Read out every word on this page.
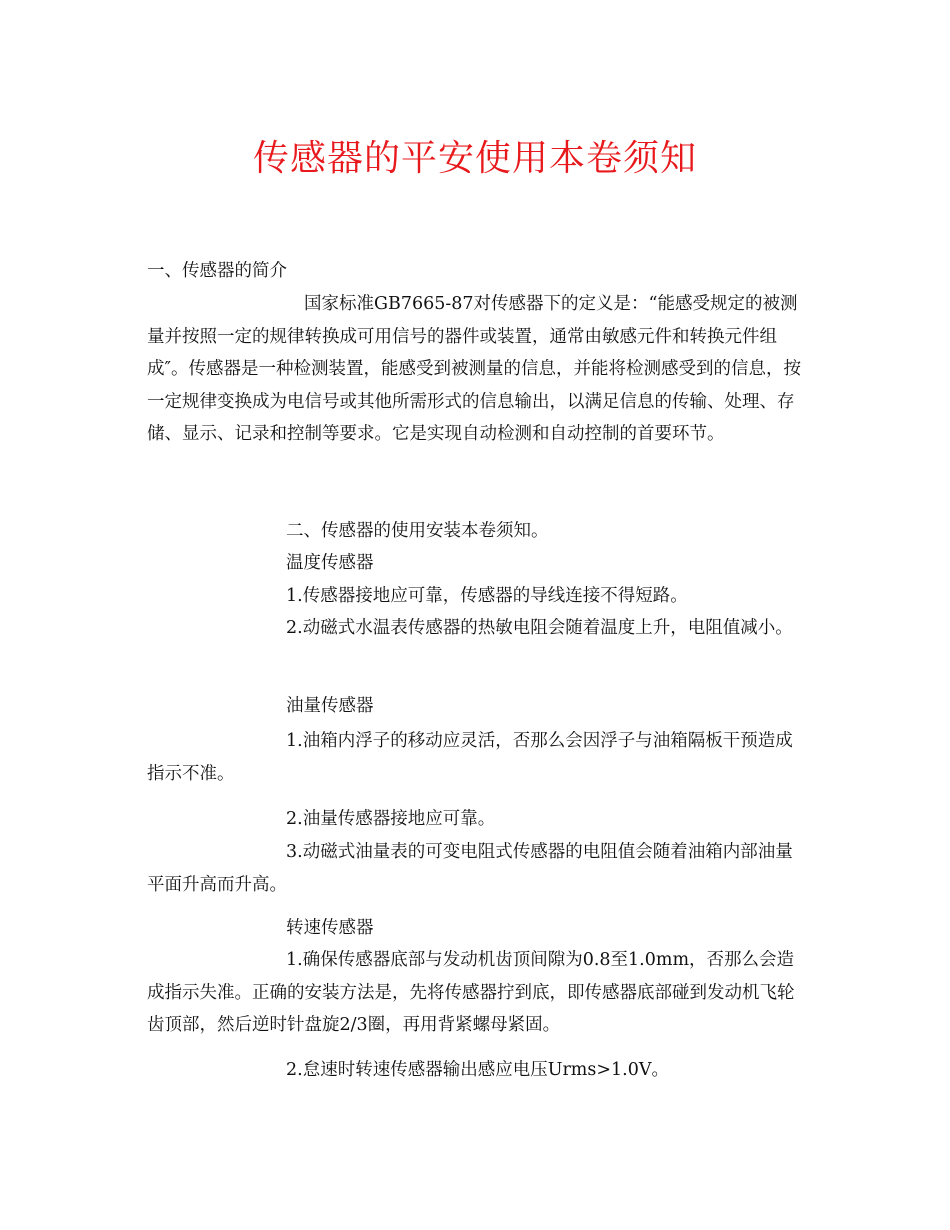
传感器的平安使用本卷须知
一、传感器的简介

国家标准GB7665-87对传感器下的定义是：“能感受规定的被测量并按照一定的规律转换成可用信号的器件或装置，通常由敏感元件和转换元件组成″。传感器是一种检测装置，能感受到被测量的信息，并能将检测感受到的信息，按一定规律变换成为电信号或其他所需形式的信息输出，以满足信息的传输、处理、存储、显示、记录和控制等要求。它是实现自动检测和自动控制的首要环节。

二、传感器的使用安装本卷须知。
温度传感器
1.传感器接地应可靠，传感器的导线连接不得短路。

2.动磁式水温表传感器的热敏电阻会随着温度上升，电阻值减小。

油量传感器

1.油箱内浮子的移动应灵活，否那么会因浮子与油箱隔板干预造成指示不准。

2.油量传感器接地应可靠。

3.动磁式油量表的可变电阻式传感器的电阻值会随着油箱内部油量平面升高而升高。

转速传感器

1.确保传感器底部与发动机齿顶间隙为0.8至1.0mm，否那么会造成指示失准。正确的安装方法是，先将传感器拧到底，即传感器底部碰到发动机飞轮齿顶部，然后逆时针盘旋2/3圈，再用背紧螺母紧固。

2.怠速时转速传感器输出感应电压Urms>1.0V。
